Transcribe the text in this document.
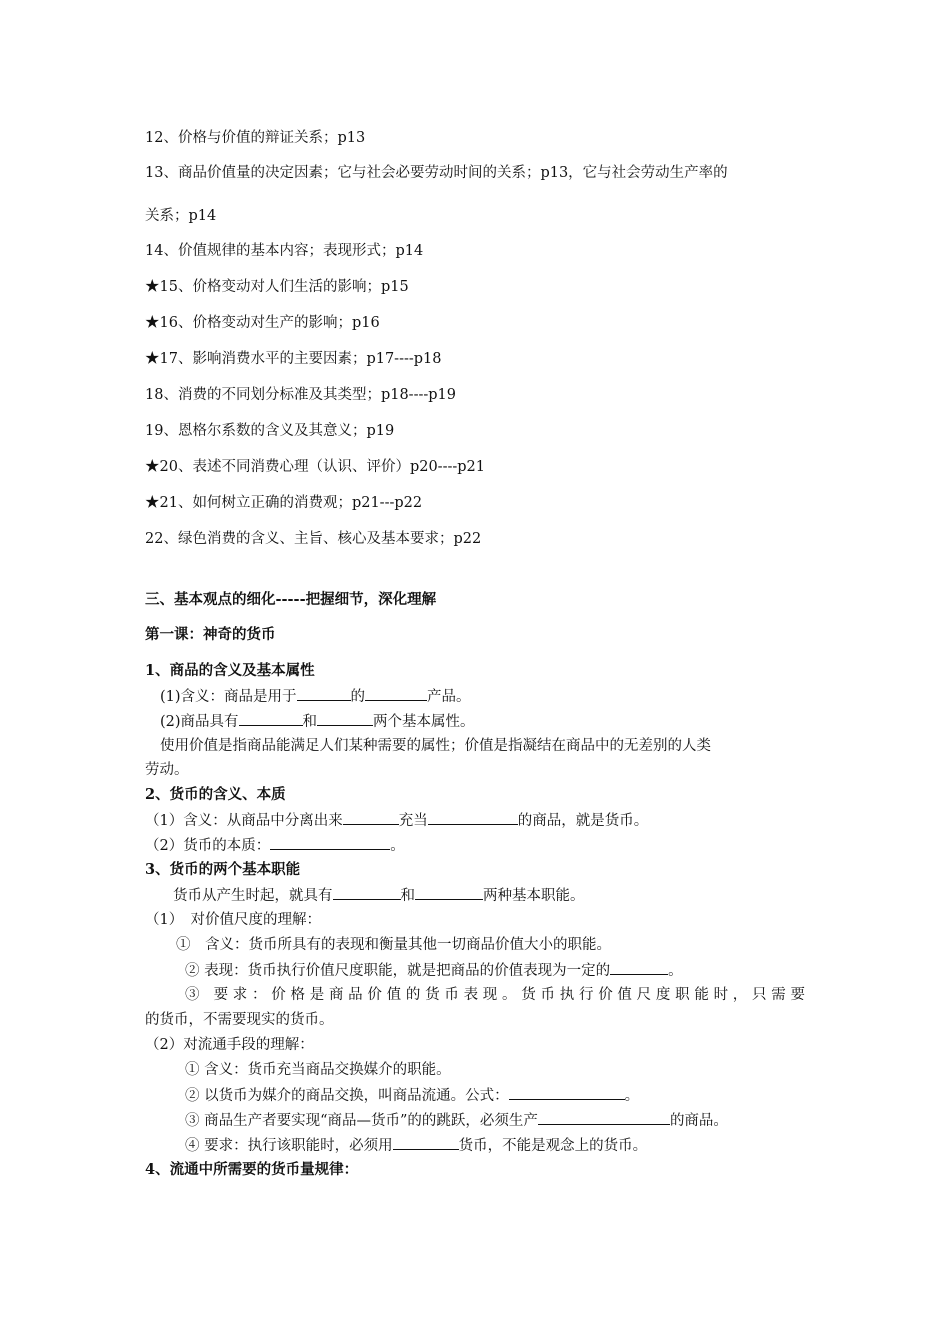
12、价格与价值的辩证关系；p13
13、商品价值量的决定因素；它与社会必要劳动时间的关系；p13，它与社会劳动生产率的
关系；p14
14、价值规律的基本内容；表现形式；p14
★15、价格变动对人们生活的影响；p15
★16、价格变动对生产的影响；p16
★17、影响消费水平的主要因素；p17----p18
18、消费的不同划分标准及其类型；p18----p19
19、恩格尔系数的含义及其意义；p19
★20、表述不同消费心理（认识、评价）p20----p21
★21、如何树立正确的消费观；p21---p22
22、绿色消费的含义、主旨、核心及基本要求；p22
三、基本观点的细化-----把握细节，深化理解
第一课：神奇的货币
1、商品的含义及基本属性
(1)含义：商品是用于	的	产品。
(2)商品具有	和	两个基本属性。
使用价值是指商品能满足人们某种需要的属性；价值是指凝结在商品中的无差别的人类
劳动。
2、货币的含义、本质
（1）含义：从商品中分离出来	充当	的商品，就是货币。
（2）货币的本质：	。
3、货币的两个基本职能
货币从产生时起，就具有	和	两种基本职能。
（1）　对价值尺度的理解：
①　含义：货币所具有的表现和衡量其他一切商品价值大小的职能。
② 表现：货币执行价值尺度职能，就是把商品的价值表现为一定的	。
③ 要求：价格是商品价值的货币表现。货币执行价值尺度职能时，只需要
的货币，不需要现实的货币。
（2）对流通手段的理解：
① 含义：货币充当商品交换媒介的职能。
② 以货币为媒介的商品交换，叫商品流通。公式：	。
③ 商品生产者要实现“商品—货币”的的跳跃，必须生产	的商品。
④ 要求：执行该职能时，必须用	货币，不能是观念上的货币。
4、流通中所需要的货币量规律：
